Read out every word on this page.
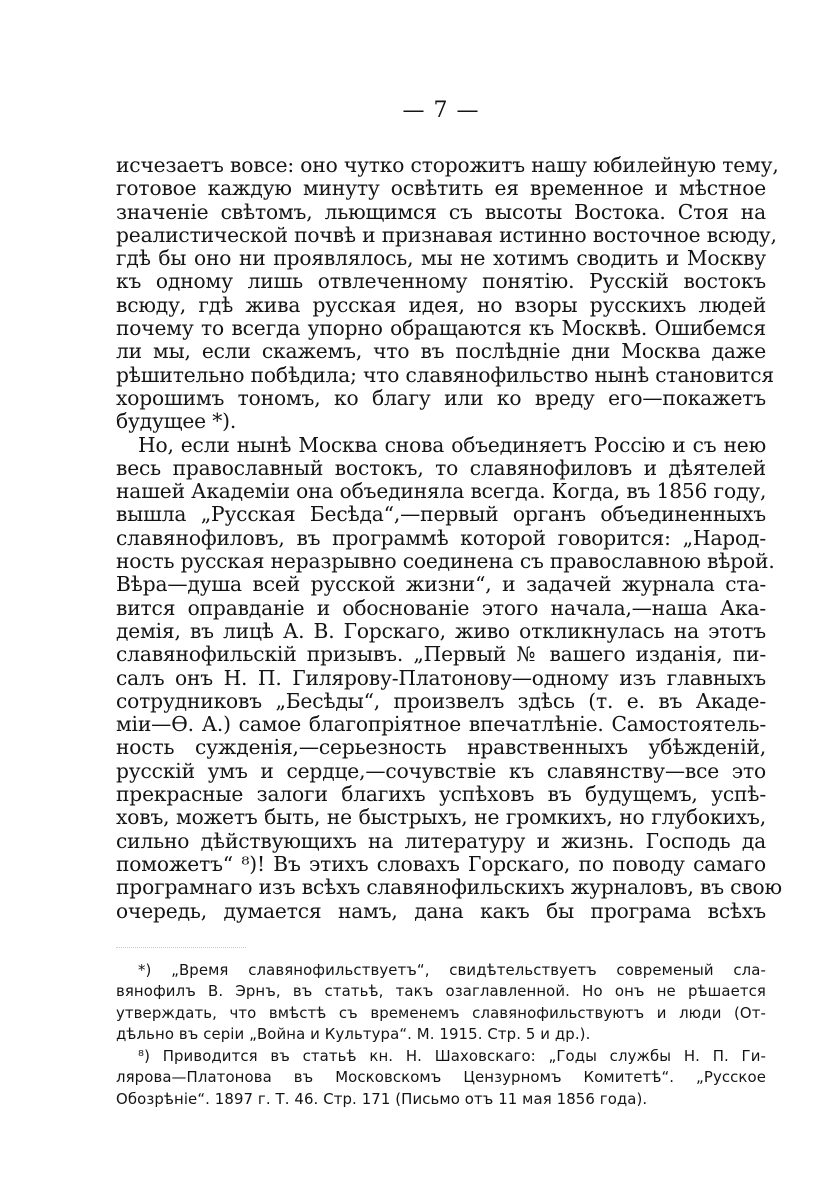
— 7 —
исчезаетъ вовсе: оно чутко сторожитъ нашу юбилейную тему,
готовое каждую минуту освѣтить ея временное и мѣстное
значеніе свѣтомъ, льющимся съ высоты Востока. Стоя на
реалистической почвѣ и признавая истинно восточное всюду,
гдѣ бы оно ни проявлялось, мы не хотимъ сводить и Москву
къ одному лишь отвлеченному понятію. Русскій востокъ
всюду, гдѣ жива русская идея, но взоры русскихъ людей
почему то всегда упорно обращаются къ Москвѣ. Ошибемся
ли мы, если скажемъ, что въ послѣдніе дни Москва даже
рѣшительно побѣдила; что славянофильство нынѣ становится
хорошимъ тономъ, ко благу или ко вреду его—покажетъ
будущее *).
Но, если нынѣ Москва снова объединяетъ Россію и съ нею
весь православный востокъ, то славянофиловъ и дѣятелей
нашей Академіи она объединяла всегда. Когда, въ 1856 году,
вышла „Русская Бесѣда“,—первый органъ объединенныхъ
славянофиловъ, въ программѣ которой говорится: „Народ-
ность русская неразрывно соединена съ православною вѣрой.
Вѣра—душа всей русской жизни“, и задачей журнала ста-
вится оправданіе и обоснованіе этого начала,—наша Ака-
демія, въ лицѣ А. В. Горскаго, живо откликнулась на этотъ
славянофильскій призывъ. „Первый № вашего изданія, пи-
салъ онъ Н. П. Гилярову-Платонову—одному изъ главныхъ
сотрудниковъ „Бесѣды“, произвелъ здѣсь (т. е. въ Акаде-
міи—Ѳ. А.) самое благопріятное впечатлѣніе. Самостоятель-
ность сужденія,—серьезность нравственныхъ убѣжденій,
русскій умъ и сердце,—сочувствіе къ славянству—все это
прекрасные залоги благихъ успѣховъ въ будущемъ, успѣ-
ховъ, можетъ быть, не быстрыхъ, не громкихъ, но глубокихъ,
сильно дѣйствующихъ на литературу и жизнь. Господь да
поможетъ“ ⁸)! Въ этихъ словахъ Горскаго, по поводу самаго
програмнаго изъ всѣхъ славянофильскихъ журналовъ, въ свою
очередь, думается намъ, дана какъ бы програма всѣхъ
*) „Время славянофильствуетъ“, свидѣтельствуетъ современый сла-
вянофилъ В. Эрнъ, въ статьѣ, такъ озаглавленной. Но онъ не рѣшается
утверждать, что вмѣстѣ съ временемъ славянофильствуютъ и люди (От-
дѣльно въ серіи „Война и Культура“. М. 1915. Стр. 5 и др.).
⁸) Приводится въ статьѣ кн. Н. Шаховскаго: „Годы службы Н. П. Ги-
лярова—Платонова въ Московскомъ Цензурномъ Комитетѣ“. „Русское
Обозрѣніе“. 1897 г. Т. 46. Стр. 171 (Письмо отъ 11 мая 1856 года).
